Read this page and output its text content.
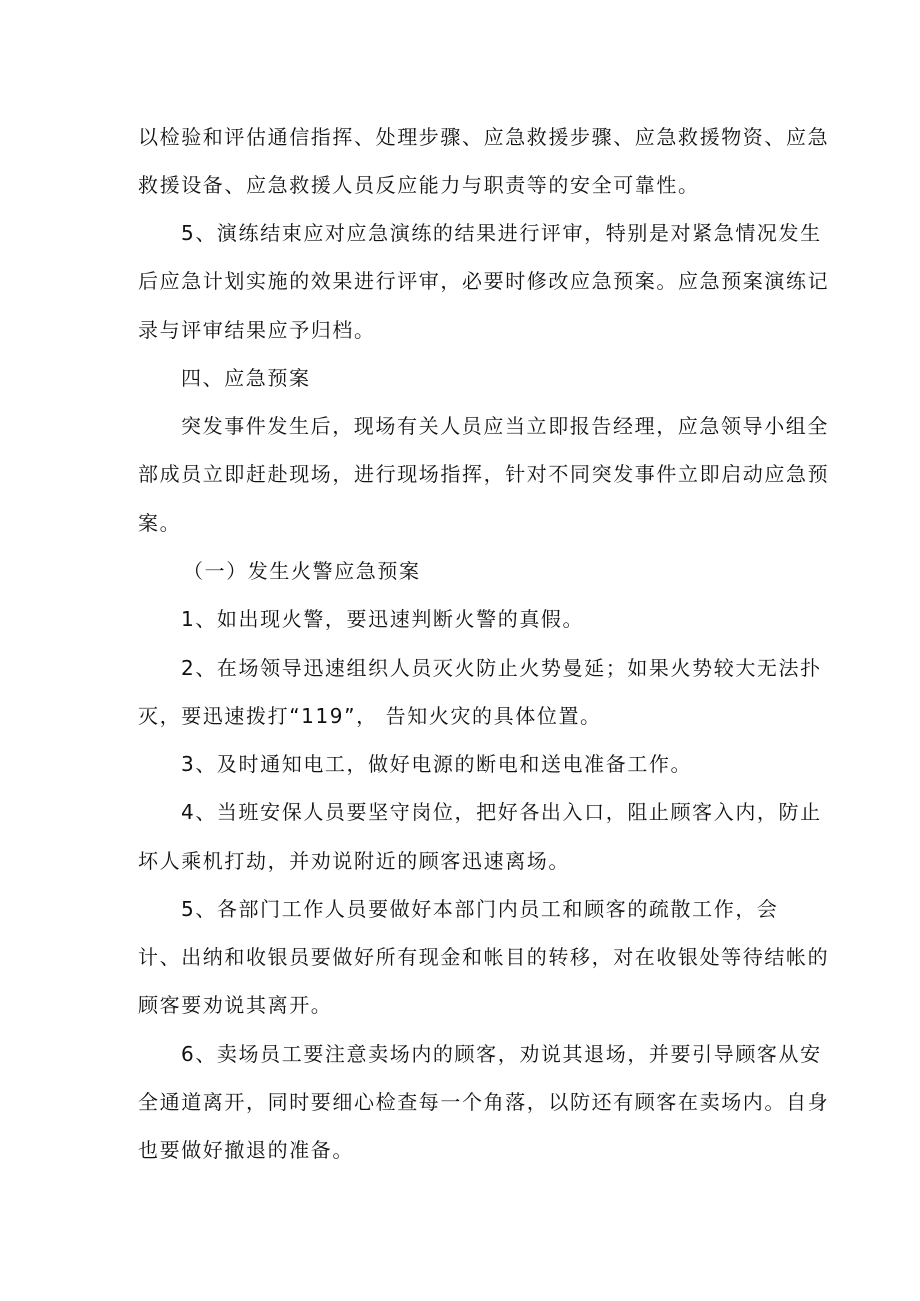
以检验和评估通信指挥、处理步骤、应急救援步骤、应急救援物资、应急
救援设备、应急救援人员反应能力与职责等的安全可靠性。
5、演练结束应对应急演练的结果进行评审，特别是对紧急情况发生
后应急计划实施的效果进行评审，必要时修改应急预案。应急预案演练记
录与评审结果应予归档。
四、应急预案
突发事件发生后，现场有关人员应当立即报告经理，应急领导小组全
部成员立即赶赴现场，进行现场指挥，针对不同突发事件立即启动应急预
案。
（一）发生火警应急预案
1、如出现火警，要迅速判断火警的真假。
2、在场领导迅速组织人员灭火防止火势曼延；如果火势较大无法扑
灭，要迅速拨打“119”， 告知火灾的具体位置。
3、及时通知电工，做好电源的断电和送电准备工作。
4、当班安保人员要坚守岗位，把好各出入口，阻止顾客入内，防止
坏人乘机打劫，并劝说附近的顾客迅速离场。
5、各部门工作人员要做好本部门内员工和顾客的疏散工作，会
计、出纳和收银员要做好所有现金和帐目的转移，对在收银处等待结帐的
顾客要劝说其离开。
6、卖场员工要注意卖场内的顾客，劝说其退场，并要引导顾客从安
全通道离开，同时要细心检查每一个角落，以防还有顾客在卖场内。自身
也要做好撤退的准备。
